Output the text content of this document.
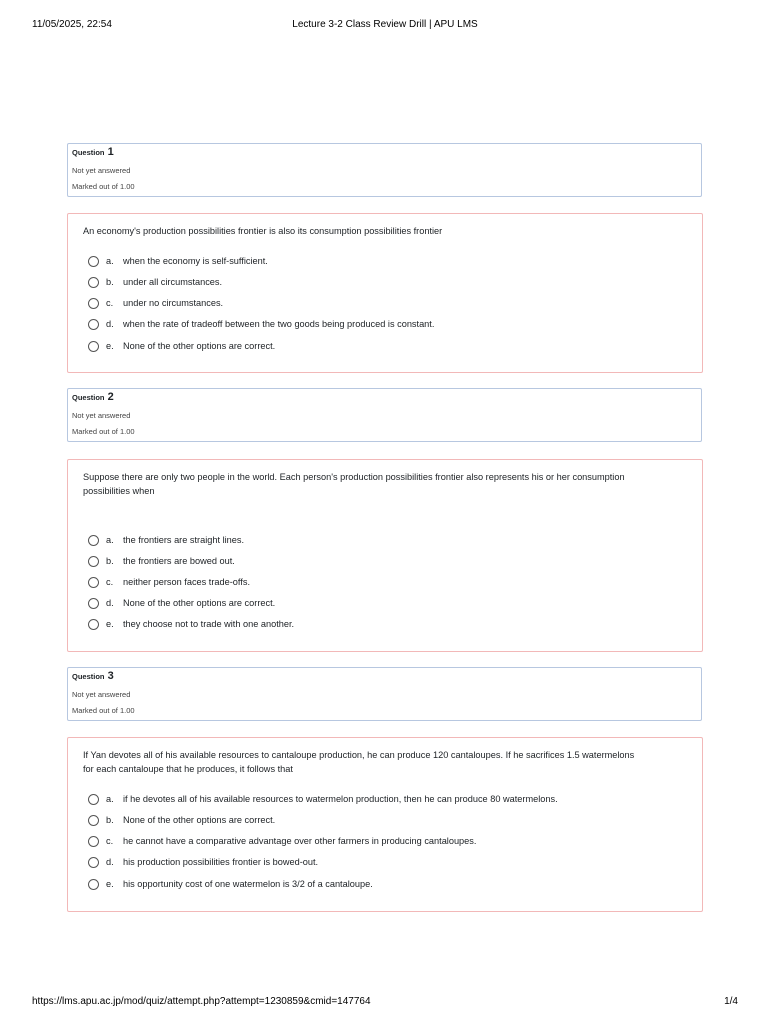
11/05/2025, 22:54	Lecture 3-2 Class Review Drill | APU LMS
Question 1
Not yet answered
Marked out of 1.00
An economy's production possibilities frontier is also its consumption possibilities frontier
a.	when the economy is self-sufficient.
b.	under all circumstances.
c.	under no circumstances.
d.	when the rate of tradeoff between the two goods being produced is constant.
e.	None of the other options are correct.
Question 2
Not yet answered
Marked out of 1.00
Suppose there are only two people in the world. Each person's production possibilities frontier also represents his or her consumption possibilities when
a.	the frontiers are straight lines.
b.	the frontiers are bowed out.
c.	neither person faces trade-offs.
d.	None of the other options are correct.
e.	they choose not to trade with one another.
Question 3
Not yet answered
Marked out of 1.00
If Yan devotes all of his available resources to cantaloupe production, he can produce 120 cantaloupes. If he sacrifices 1.5 watermelons for each cantaloupe that he produces, it follows that
a.	if he devotes all of his available resources to watermelon production, then he can produce 80 watermelons.
b.	None of the other options are correct.
c.	he cannot have a comparative advantage over other farmers in producing cantaloupes.
d.	his production possibilities frontier is bowed-out.
e.	his opportunity cost of one watermelon is 3/2 of a cantaloupe.
https://lms.apu.ac.jp/mod/quiz/attempt.php?attempt=1230859&cmid=147764	1/4
